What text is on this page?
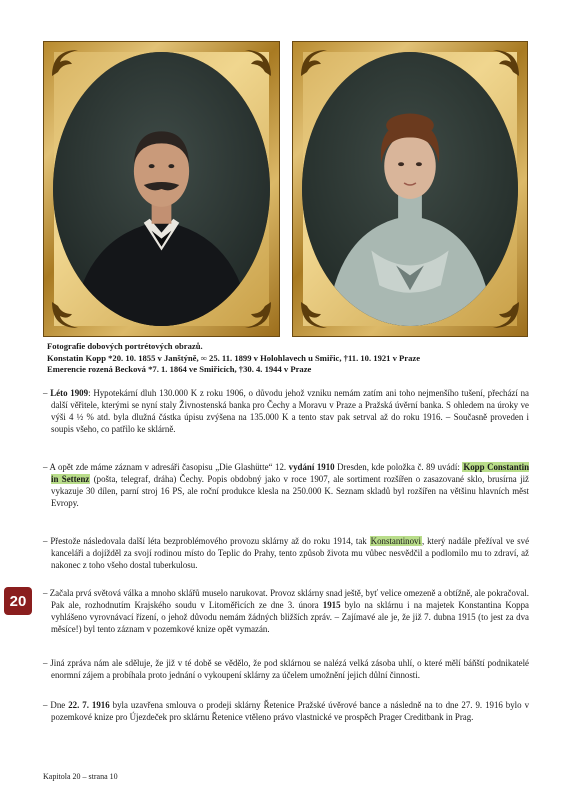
Fotografie dobových portrétových obrazů.
Konstatin Kopp *20. 10. 1855 v Janštýně, ∞ 25. 11. 1899 v Holohlavech u Smiřic, †11. 10. 1921 v Praze
Emerencie rozená Becková *7. 1. 1864 ve Smiřicích, †30. 4. 1944 v Praze

– Léto 1909: Hypotekární dluh 130.000 K z roku 1906, o důvodu jehož vzniku nemám zatím ani toho nejmenšího tušení, přechází na další věřitele, kterými se nyní staly Živnostenská banka pro Čechy a Moravu v Praze a Pražská úvěrní banka. S ohledem na úroky ve výši 4 ½ % atd. byla dlužná částka úpisu zvýšena na 135.000 K a tento stav pak setrval až do roku 1916. – Současně proveden i soupis všeho, co patřilo ke sklárně.

– A opět zde máme záznam v adresáři časopisu „Die Glashütte“ 12. vydání 1910 Dresden, kde položka č. 89 uvádí: Kopp Constantin in Settenz (pošta, telegraf, dráha) Čechy. Popis obdobný jako v roce 1907, ale sortiment rozšířen o zasazované sklo, brusírna již vykazuje 30 dílen, parní stroj 16 PS, ale roční produkce klesla na 250.000 K. Seznam skladů byl rozšířen na většinu hlavních měst Evropy.

– Přestože následovala další léta bezproblémového provozu sklárny až do roku 1914, tak Konstantinovi, který nadále přežíval ve své kanceláři a dojížděl za svojí rodinou místo do Teplic do Prahy, tento způsob života mu vůbec nesvědčil a podlomilo mu to zdraví, až nakonec z toho všeho dostal tuberkulosu.

– Začala prvá světová válka a mnoho sklářů muselo narukovat. Provoz sklárny snad ještě, byť velice omezeně a obtížně, ale pokračoval. Pak ale, rozhodnutím Krajského soudu v Litoměřicích ze dne 3. února 1915 bylo na sklárnu i na majetek Konstantina Koppa vyhlášeno vyrovnávací řízení, o jehož důvodu nemám žádných bližších zpráv. – Zajímavé ale je, že již 7. dubna 1915 (to jest za dva měsíce!) byl tento záznam v pozemkové knize opět vymazán.

– Jiná zpráva nám ale sděluje, že již v té době se vědělo, že pod sklárnou se nalézá velká zásoba uhlí, o které mělí báňští podnikatelé enormní zájem a probíhala proto jednání o vykoupení sklárny za účelem umožnění jejich důlní činnosti.

– Dne 22. 7. 1916 byla uzavřena smlouva o prodeji sklárny Řetenice Pražské úvěrové bance a následně na to dne 27. 9. 1916 bylo v pozemkové knize pro Újezdeček pro sklárnu Řetenice vtěleno právo vlastnické ve prospěch Prager Creditbank in Prag.

20
Kapitola 20 – strana 10
